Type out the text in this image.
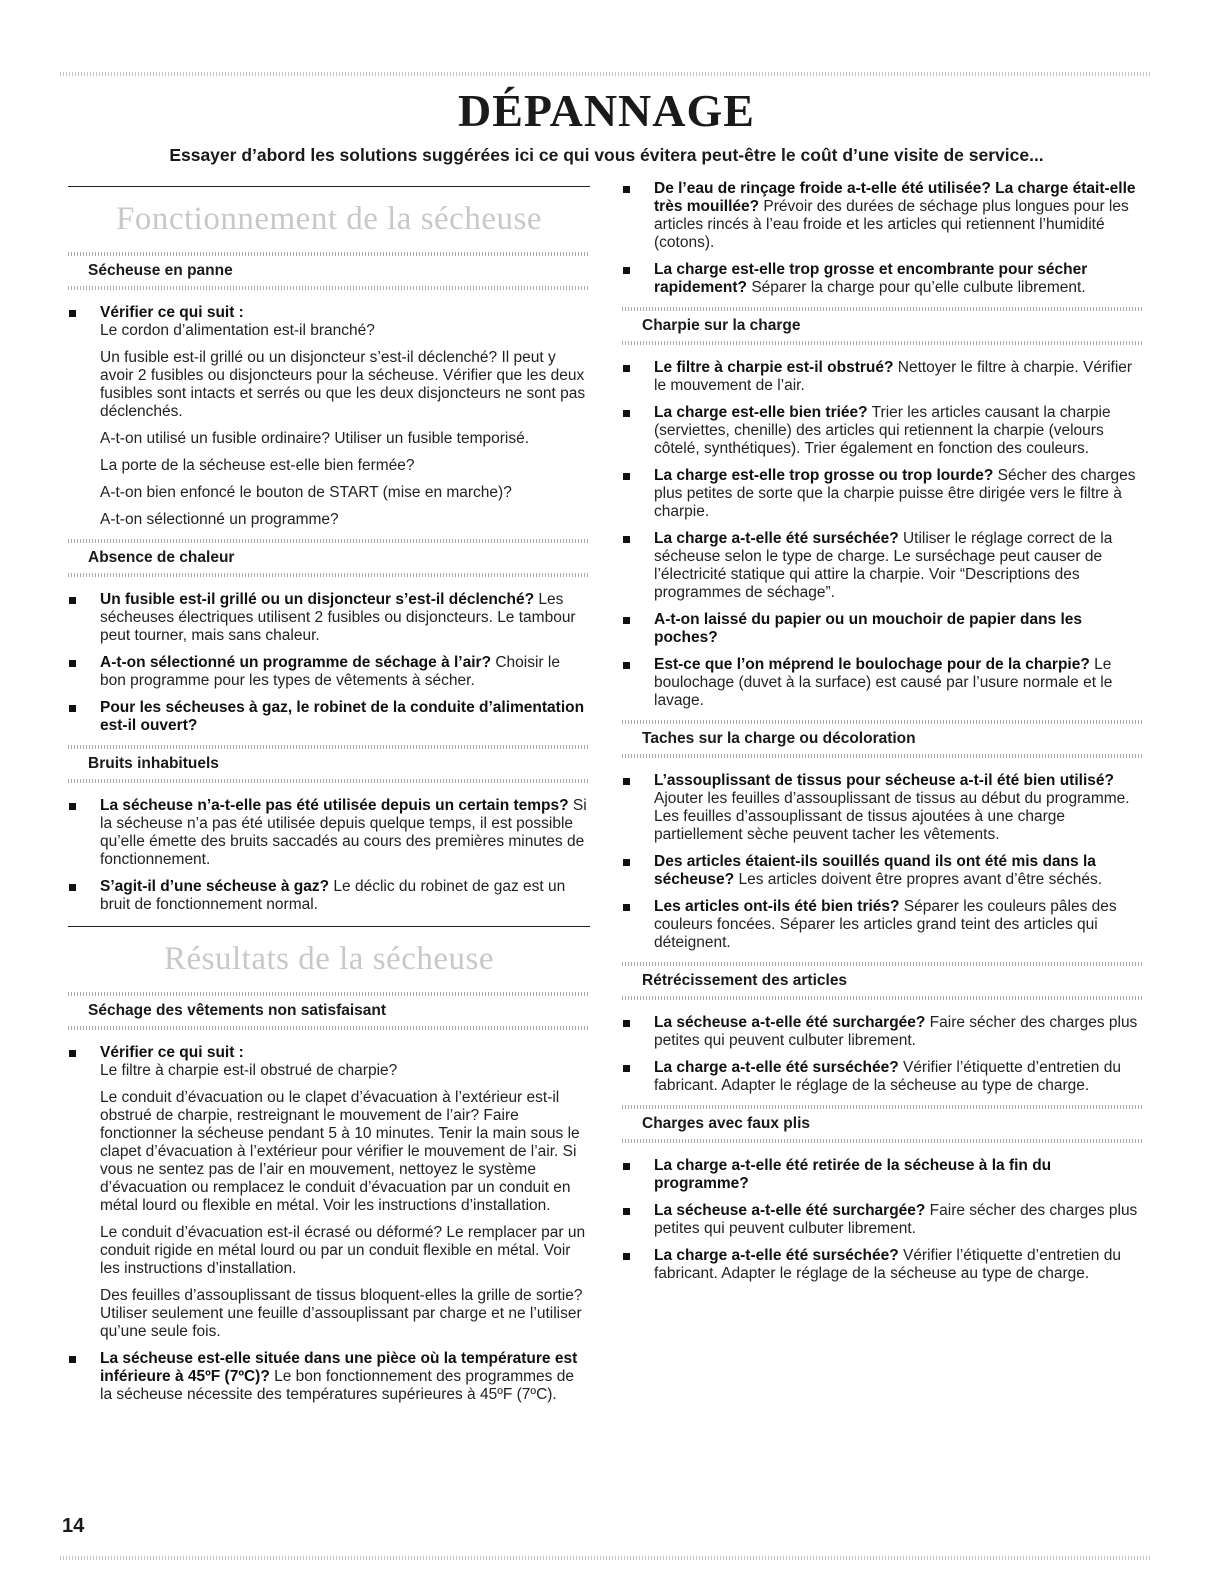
DÉPANNAGE
Essayer d’abord les solutions suggérées ici ce qui vous évitera peut-être le coût d’une visite de service...
Fonctionnement de la sécheuse
Sécheuse en panne
Vérifier ce qui suit :
Le cordon d’alimentation est-il branché?

Un fusible est-il grillé ou un disjoncteur s’est-il déclenché? Il peut y avoir 2 fusibles ou disjoncteurs pour la sécheuse. Vérifier que les deux fusibles sont intacts et serrés ou que les deux disjoncteurs ne sont pas déclenchés.

A-t-on utilisé un fusible ordinaire? Utiliser un fusible temporisé.

La porte de la sécheuse est-elle bien fermée?

A-t-on bien enfoncé le bouton de START (mise en marche)?

A-t-on sélectionné un programme?

Absence de chaleur
Un fusible est-il grillé ou un disjoncteur s’est-il déclenché? Les sécheuses électriques utilisent 2 fusibles ou disjoncteurs. Le tambour peut tourner, mais sans chaleur.
A-t-on sélectionné un programme de séchage à l’air? Choisir le bon programme pour les types de vêtements à sécher.
Pour les sécheuses à gaz, le robinet de la conduite d’alimentation est-il ouvert?
Bruits inhabituels
La sécheuse n’a-t-elle pas été utilisée depuis un certain temps? Si la sécheuse n’a pas été utilisée depuis quelque temps, il est possible qu’elle émette des bruits saccadés au cours des premières minutes de fonctionnement.
S’agit-il d’une sécheuse à gaz? Le déclic du robinet de gaz est un bruit de fonctionnement normal.
Résultats de la sécheuse
Séchage des vêtements non satisfaisant
Vérifier ce qui suit :
Le filtre à charpie est-il obstrué de charpie?

Le conduit d’évacuation ou le clapet d’évacuation à l’extérieur est-il obstrué de charpie, restreignant le mouvement de l’air? Faire fonctionner la sécheuse pendant 5 à 10 minutes. Tenir la main sous le clapet d’évacuation à l’extérieur pour vérifier le mouvement de l’air. Si vous ne sentez pas de l’air en mouvement, nettoyez le système d’évacuation ou remplacez le conduit d’évacuation par un conduit en métal lourd ou flexible en métal. Voir les instructions d’installation.

Le conduit d’évacuation est-il écrasé ou déformé? Le remplacer par un conduit rigide en métal lourd ou par un conduit flexible en métal. Voir les instructions d’installation.

Des feuilles d’assouplissant de tissus bloquent-elles la grille de sortie? Utiliser seulement une feuille d’assouplissant par charge et ne l’utiliser qu’une seule fois.

La sécheuse est-elle située dans une pièce où la température est inférieure à 45ºF (7ºC)? Le bon fonctionnement des programmes de la sécheuse nécessite des températures supérieures à 45ºF (7ºC).
De l’eau de rinçage froide a-t-elle été utilisée? La charge était-elle très mouillée? Prévoir des durées de séchage plus longues pour les articles rincés à l’eau froide et les articles qui retiennent l’humidité (cotons).
La charge est-elle trop grosse et encombrante pour sécher rapidement? Séparer la charge pour qu’elle culbute librement.
Charpie sur la charge
Le filtre à charpie est-il obstrué? Nettoyer le filtre à charpie. Vérifier le mouvement de l’air.
La charge est-elle bien triée? Trier les articles causant la charpie (serviettes, chenille) des articles qui retiennent la charpie (velours côtelé, synthétiques). Trier également en fonction des couleurs.
La charge est-elle trop grosse ou trop lourde? Sécher des charges plus petites de sorte que la charpie puisse être dirigée vers le filtre à charpie.
La charge a-t-elle été surséchée? Utiliser le réglage correct de la sécheuse selon le type de charge. Le surséchage peut causer de l’électricité statique qui attire la charpie. Voir “Descriptions des programmes de séchage”.
A-t-on laissé du papier ou un mouchoir de papier dans les poches?
Est-ce que l’on méprend le boulochage pour de la charpie? Le boulochage (duvet à la surface) est causé par l’usure normale et le lavage.
Taches sur la charge ou décoloration
L’assouplissant de tissus pour sécheuse a-t-il été bien utilisé? Ajouter les feuilles d’assouplissant de tissus au début du programme. Les feuilles d’assouplissant de tissus ajoutées à une charge partiellement sèche peuvent tacher les vêtements.
Des articles étaient-ils souillés quand ils ont été mis dans la sécheuse? Les articles doivent être propres avant d’être séchés.
Les articles ont-ils été bien triés? Séparer les couleurs pâles des couleurs foncées. Séparer les articles grand teint des articles qui déteignent.
Rétrécissement des articles
La sécheuse a-t-elle été surchargée? Faire sécher des charges plus petites qui peuvent culbuter librement.
La charge a-t-elle été surséchée? Vérifier l’étiquette d’entretien du fabricant. Adapter le réglage de la sécheuse au type de charge.
Charges avec faux plis
La charge a-t-elle été retirée de la sécheuse à la fin du programme?
La sécheuse a-t-elle été surchargée? Faire sécher des charges plus petites qui peuvent culbuter librement.
La charge a-t-elle été surséchée? Vérifier l’étiquette d’entretien du fabricant. Adapter le réglage de la sécheuse au type de charge.
14
